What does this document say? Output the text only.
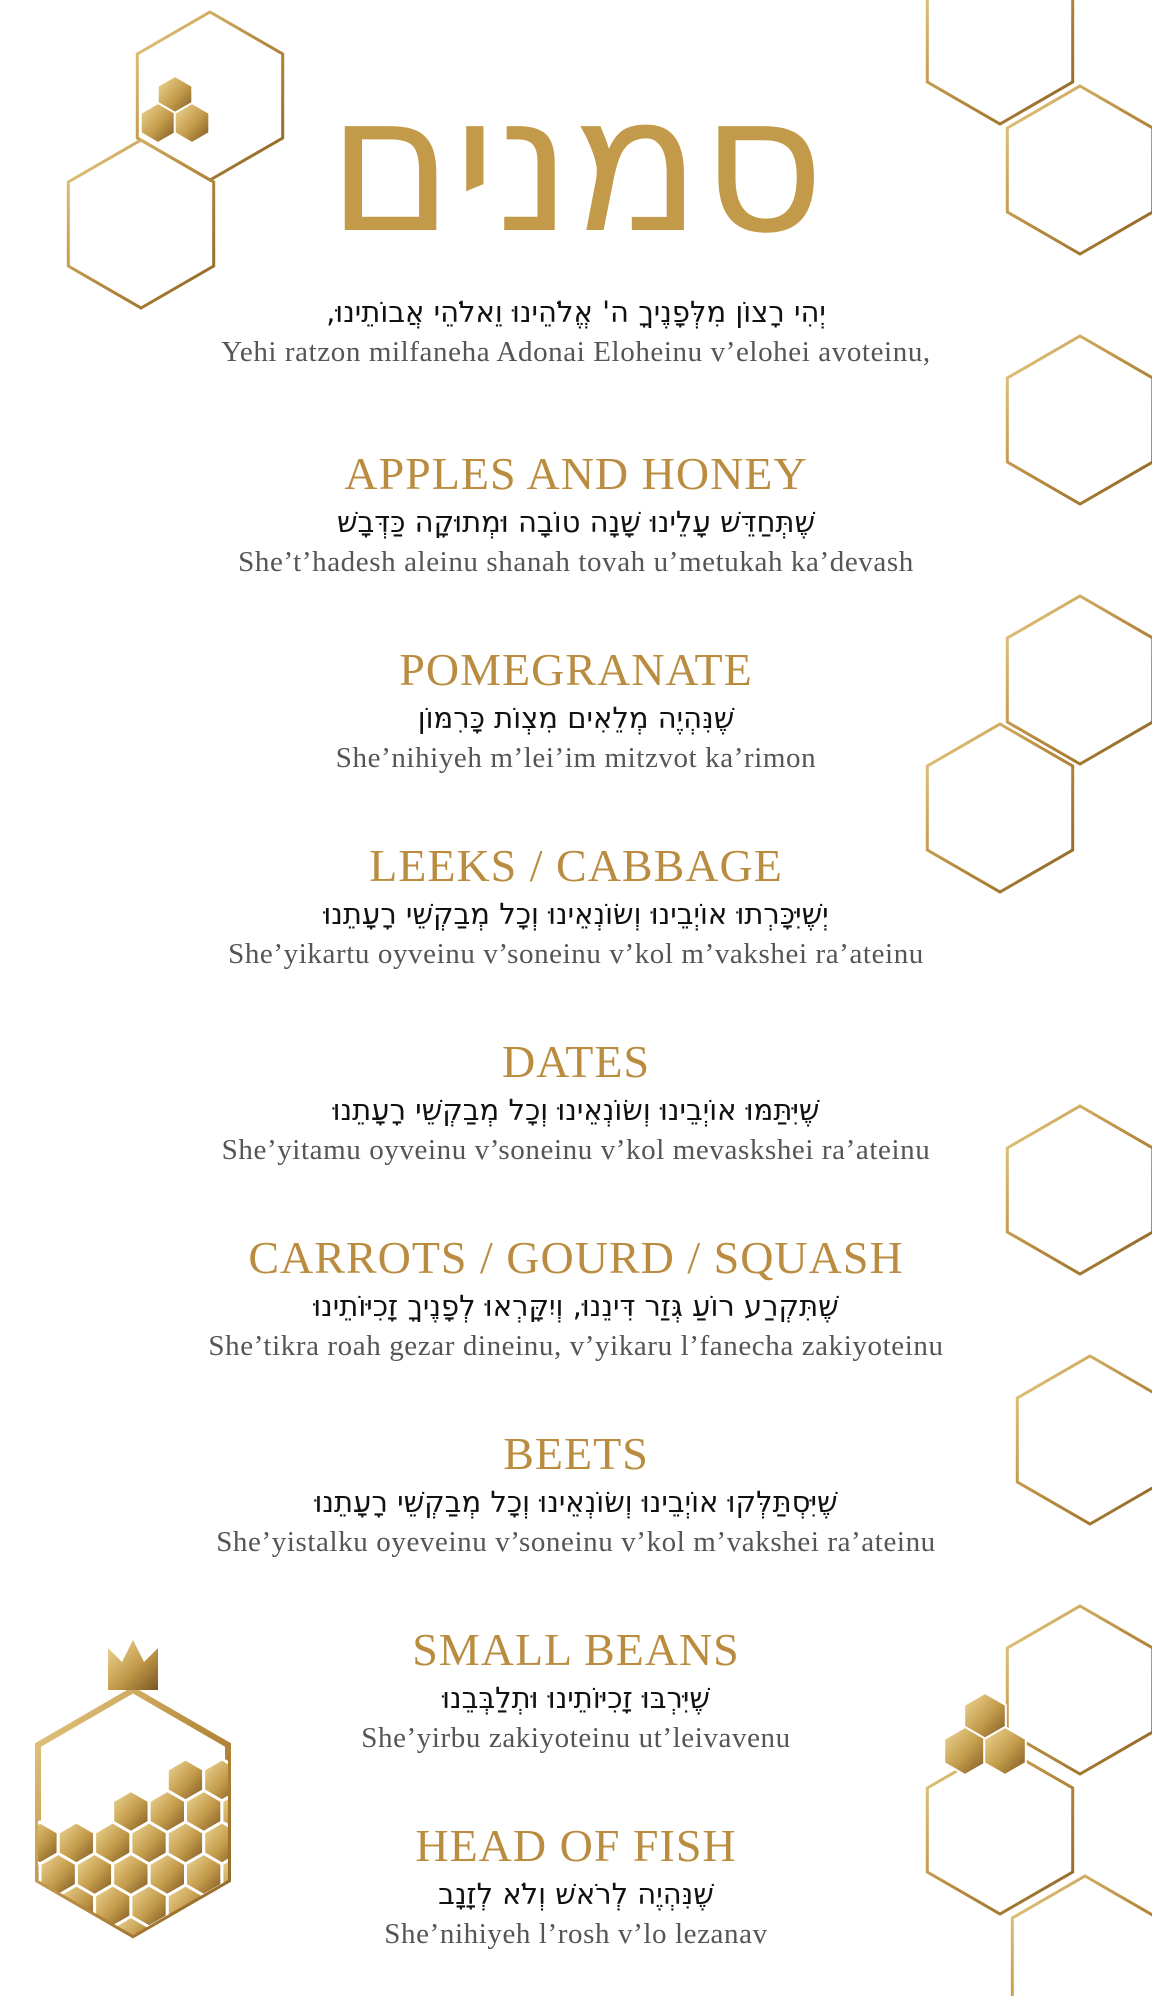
סמנים
יְהִי רָצוֹן מִלְּפָנֶיךָ ה' אֱלֹהֵינוּ וֵאלֹהֵי אֲבוֹתֵינוּ,
Yehi ratzon milfaneha Adonai Eloheinu v’elohei avoteinu,
APPLES AND HONEY
שֶׁתְּחַדֵּשׁ עָלֵינוּ שָׁנָה טוֹבָה וּמְתוּקָה כַּדְּבָשׁ
She’t’hadesh aleinu shanah tovah u’metukah ka’devash
POMEGRANATE
שֶׁנִּהְיֶה מְלֵאִים מִצְוֹת כָּרִמּוֹן
She’nihiyeh m’lei’im mitzvot ka’rimon
LEEKS / CABBAGE
יְשֶׁיִּכָּרְתוּ אוֹיְבֵינוּ וְשׂוֹנְאֵינוּ וְכָל מְבַקְשֵׁי רָעָתֵנוּ
She’yikartu oyveinu v’soneinu v’kol m’vakshei ra’ateinu
DATES
שֶׁיִּתַּמּוּ אוֹיְבֵינוּ וְשׂוֹנְאֵינוּ וְכָל מְבַקְשֵׁי רָעָתֵנוּ
She’yitamu oyveinu v’soneinu v’kol mevaskshei ra’ateinu
CARROTS / GOURD / SQUASH
שֶׁתִּקְרַע רוֹעַ גְּזַר דִּינֵנוּ, וְיִקָּרְאוּ לְפָנֶיךָ זָכִיּוֹתֵינוּ
She’tikra roah gezar dineinu, v’yikaru l’fanecha zakiyoteinu
BEETS
שֶׁיִּסְתַּלְּקוּ אוֹיְבֵינוּ וְשׂוֹנְאֵינוּ וְכָל מְבַקְשֵׁי רָעָתֵנוּ
She’yistalku oyeveinu v’soneinu v’kol m’vakshei ra’ateinu
SMALL BEANS
שֶׁיִּרְבּוּ זָכִיּוֹתֵינוּ וּתְלַבְּבֵנוּ
She’yirbu zakiyoteinu ut’leivavenu
HEAD OF FISH
שֶׁנִּהְיֶה לְרֹאשׁ וְלֹא לְזָנָב
She’nihiyeh l’rosh v’lo lezanav
